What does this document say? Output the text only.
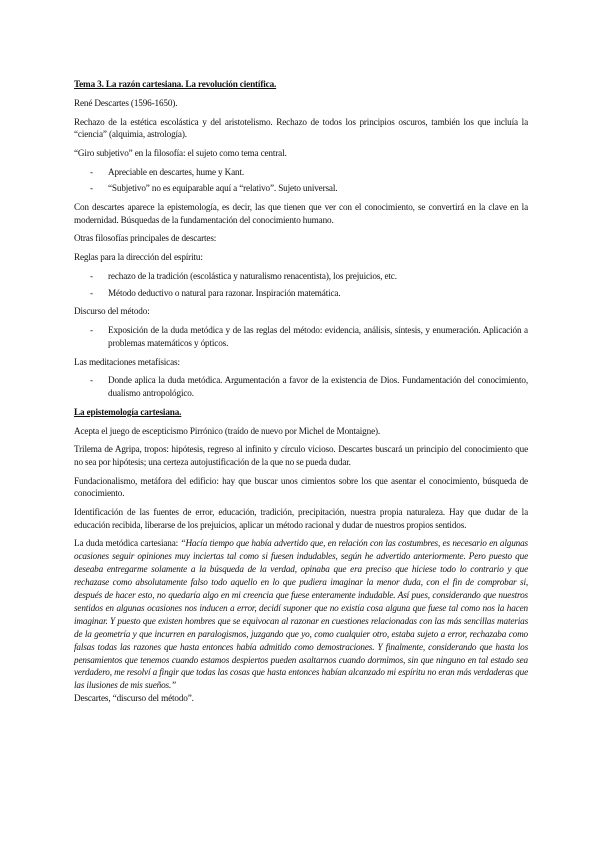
Tema 3. La razón cartesiana. La revolución científica.

René Descartes (1596-1650).

Rechazo de la estética escolástica y del aristotelismo. Rechazo de todos los principios oscuros, también los que incluía la “ciencia” (alquimia, astrología).

“Giro subjetivo” en la filosofía: el sujeto como tema central.

- Apreciable en descartes, hume y Kant.
- “Subjetivo” no es equiparable aquí a “relativo”. Sujeto universal.

Con descartes aparece la epistemología, es decir, las que tienen que ver con el conocimiento, se convertirá en la clave en la modernidad. Búsquedas de la fundamentación del conocimiento humano.

Otras filosofías principales de descartes:

Reglas para la dirección del espíritu:

- rechazo de la tradición (escolástica y naturalismo renacentista), los prejuicios, etc.
- Método deductivo o natural para razonar. Inspiración matemática.

Discurso del método:

- Exposición de la duda metódica y de las reglas del método: evidencia, análisis, síntesis, y enumeración. Aplicación a problemas matemáticos y ópticos.

Las meditaciones metafísicas:

- Donde aplica la duda metódica. Argumentación a favor de la existencia de Dios. Fundamentación del conocimiento, dualismo antropológico.

La epistemología cartesiana.

Acepta el juego de escepticismo Pirrónico (traído de nuevo por Michel de Montaigne).

Trilema de Agripa, tropos: hipótesis, regreso al infinito y círculo vicioso. Descartes buscará un principio del conocimiento que no sea por hipótesis; una certeza autojustificación de la que no se pueda dudar.

Fundacionalismo, metáfora del edificio: hay que buscar unos cimientos sobre los que asentar el conocimiento, búsqueda de conocimiento.

Identificación de las fuentes de error, educación, tradición, precipitación, nuestra propia naturaleza. Hay que dudar de la educación recibida, liberarse de los prejuicios, aplicar un método racional y dudar de nuestros propios sentidos.

La duda metódica cartesiana: “Hacía tiempo que había advertido que, en relación con las costumbres, es necesario en algunas ocasiones seguir opiniones muy inciertas tal como si fuesen indudables, según he advertido anteriormente. Pero puesto que deseaba entregarme solamente a la búsqueda de la verdad, opinaba que era preciso que hiciese todo lo contrario y que rechazase como absolutamente falso todo aquello en lo que pudiera imaginar la menor duda, con el fin de comprobar si, después de hacer esto, no quedaría algo en mi creencia que fuese enteramente indudable. Así pues, considerando que nuestros sentidos en algunas ocasiones nos inducen a error, decidí suponer que no existía cosa alguna que fuese tal como nos la hacen imaginar. Y puesto que existen hombres que se equivocan al razonar en cuestiones relacionadas con las más sencillas materias de la geometría y que incurren en paralogismos, juzgando que yo, como cualquier otro, estaba sujeto a error, rechazaba como falsas todas las razones que hasta entonces había admitido como demostraciones. Y finalmente, considerando que hasta los pensamientos que tenemos cuando estamos despiertos pueden asaltarnos cuando dormimos, sin que ninguno en tal estado sea verdadero, me resolví a fingir que todas las cosas que hasta entonces habían alcanzado mi espíritu no eran más verdaderas que las ilusiones de mis sueños.”

Descartes, “discurso del método”.
